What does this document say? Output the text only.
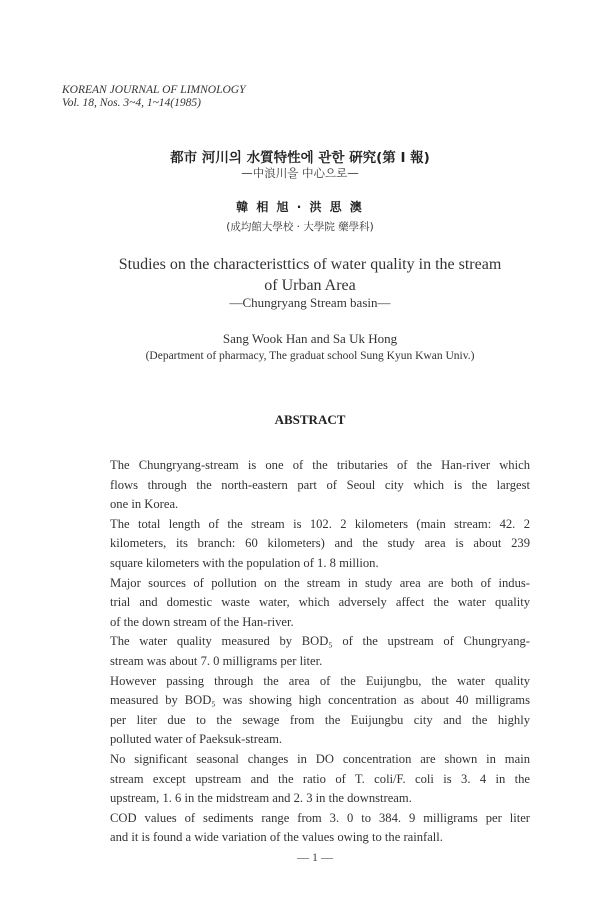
KOREAN JOURNAL OF LIMNOLOGY
Vol. 18, Nos. 3~4, 1~14(1985)
都市 河川의 水質特性에 관한 硏究(第 I 報)
—中浪川을 中心으로—
韓 相 旭 · 洪 思 澳
(成均館大學校 · 大學院 藥學科)
Studies on the characteristtics of water quality in the stream
of Urban Area
—Chungryang Stream basin—
Sang Wook Han and Sa Uk Hong
(Department of pharmacy, The graduat school Sung Kyun Kwan Univ.)
ABSTRACT
The Chungryang-stream is one of the tributaries of the Han-river which
flows through the north-eastern part of Seoul city which is the largest
one in Korea.
The total length of the stream is 102. 2 kilometers (main stream: 42. 2
kilometers, its branch: 60 kilometers) and the study area is about 239
square kilometers with the population of 1. 8 million.
Major sources of pollution on the stream in study area are both of indus-
trial and domestic waste water, which adversely affect the water quality
of the down stream of the Han-river.
The water quality measured by BOD₅ of the upstream of Chungryang-
stream was about 7. 0 milligrams per liter.
However passing through the area of the Euijungbu, the water quality
measured by BOD₅ was showing high concentration as about 40 milligrams
per liter due to the sewage from the Euijungbu city and the highly
polluted water of Paeksuk-stream.
No significant seasonal changes in DO concentration are shown in main
stream except upstream and the ratio of T. coli/F. coli is 3. 4 in the
upstream, 1. 6 in the midstream and 2. 3 in the downstream.
COD values of sediments range from 3. 0 to 384. 9 milligrams per liter
and it is found a wide variation of the values owing to the rainfall.
— 1 —
